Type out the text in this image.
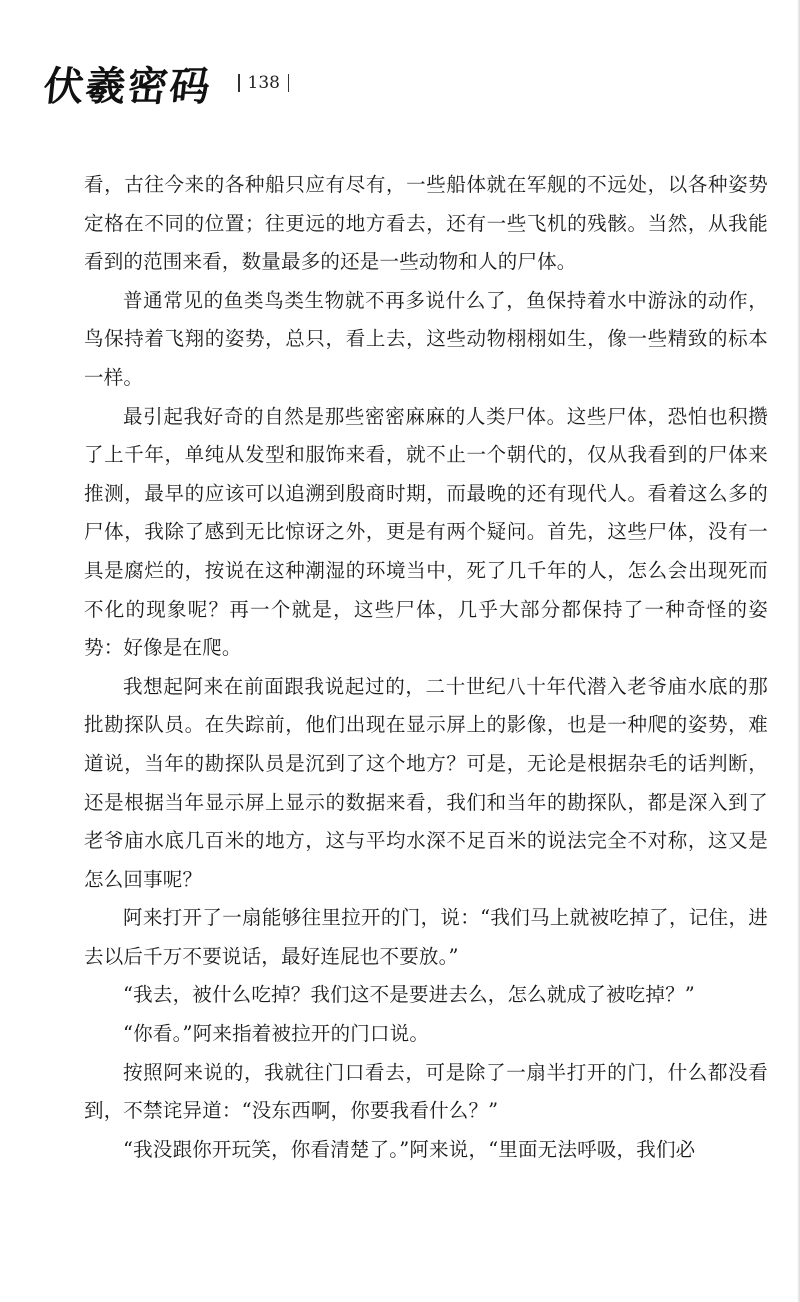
伏羲密码 138

看，古往今来的各种船只应有尽有，一些船体就在军舰的不远处，以各种姿势定格在不同的位置；往更远的地方看去，还有一些飞机的残骸。当然，从我能看到的范围来看，数量最多的还是一些动物和人的尸体。

普通常见的鱼类鸟类生物就不再多说什么了，鱼保持着水中游泳的动作，鸟保持着飞翔的姿势，总只，看上去，这些动物栩栩如生，像一些精致的标本一样。

最引起我好奇的自然是那些密密麻麻的人类尸体。这些尸体，恐怕也积攒了上千年，单纯从发型和服饰来看，就不止一个朝代的，仅从我看到的尸体来推测，最早的应该可以追溯到殷商时期，而最晚的还有现代人。看着这么多的尸体，我除了感到无比惊讶之外，更是有两个疑问。首先，这些尸体，没有一具是腐烂的，按说在这种潮湿的环境当中，死了几千年的人，怎么会出现死而不化的现象呢？再一个就是，这些尸体，几乎大部分都保持了一种奇怪的姿势：好像是在爬。

我想起阿来在前面跟我说起过的，二十世纪八十年代潜入老爷庙水底的那批勘探队员。在失踪前，他们出现在显示屏上的影像，也是一种爬的姿势，难道说，当年的勘探队员是沉到了这个地方？可是，无论是根据杂毛的话判断，还是根据当年显示屏上显示的数据来看，我们和当年的勘探队，都是深入到了老爷庙水底几百米的地方，这与平均水深不足百米的说法完全不对称，这又是怎么回事呢？

阿来打开了一扇能够往里拉开的门，说：“我们马上就被吃掉了，记住，进去以后千万不要说话，最好连屁也不要放。”

“我去，被什么吃掉？我们这不是要进去么，怎么就成了被吃掉？”

“你看。”阿来指着被拉开的门口说。

按照阿来说的，我就往门口看去，可是除了一扇半打开的门，什么都没看到，不禁诧异道：“没东西啊，你要我看什么？”

“我没跟你开玩笑，你看清楚了。”阿来说，“里面无法呼吸，我们必
